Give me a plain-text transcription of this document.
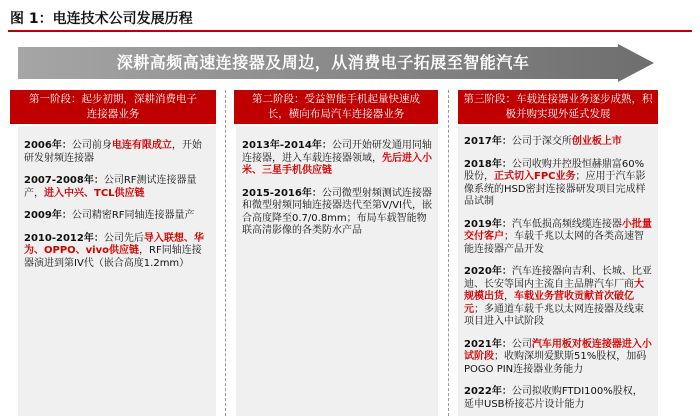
图 1：电连技术公司发展历程
深耕高频高速连接器及周边，从消费电子拓展至智能汽车
第一阶段：起步初期，深耕消费电子
连接器业务
第二阶段：受益智能手机起量快速成
长，横向布局汽车连接器业务
第三阶段：车载连接器业务逐步成熟，积
极并购实现外延式发展
2006年：公司前身电连有限成立，开始研发射频连接器
2007-2008年：公司RF测试连接器量产，进入中兴、TCL供应链
2009年：公司精密RF同轴连接器量产
2010-2012年：公司先后导入联想、华为、OPPO、vivo供应链，RF同轴连接器演进到第IV代（嵌合高度1.2mm）
2013年-2014年：公司开始研发通用同轴连接器，进入车载连接器领域，先后进入小米、三星手机供应链
2015-2016年：公司微型射频测试连接器和微型射频同轴连接器迭代至第V/VI代，嵌合高度降至0.7/0.8mm；布局车载智能物联高清影像的各类防水产品
2017年：公司于深交所创业板上市
2018年：公司收购并控股恒赫鼎富60%股份，正式切入FPC业务；应用于汽车影像系统的HSD密封连接器研发项目完成样品试制
2019年：汽车低损高频线缆连接器小批量交付客户；车载千兆以太网的各类高速智能连接器产品开发
2020年：汽车连接器向吉利、长城、比亚迪、长安等国内主流自主品牌汽车厂商大规模出货，车载业务营收贡献首次破亿元；多通道车载千兆以太网连接器及线束项目进入中试阶段
2021年：公司汽车用板对板连接器进入小试阶段；收购深圳爱默斯51%股权，加码POGO PIN连接器业务能力
2022年：公司拟收购FTDI100%股权，延申USB桥接芯片设计能力
